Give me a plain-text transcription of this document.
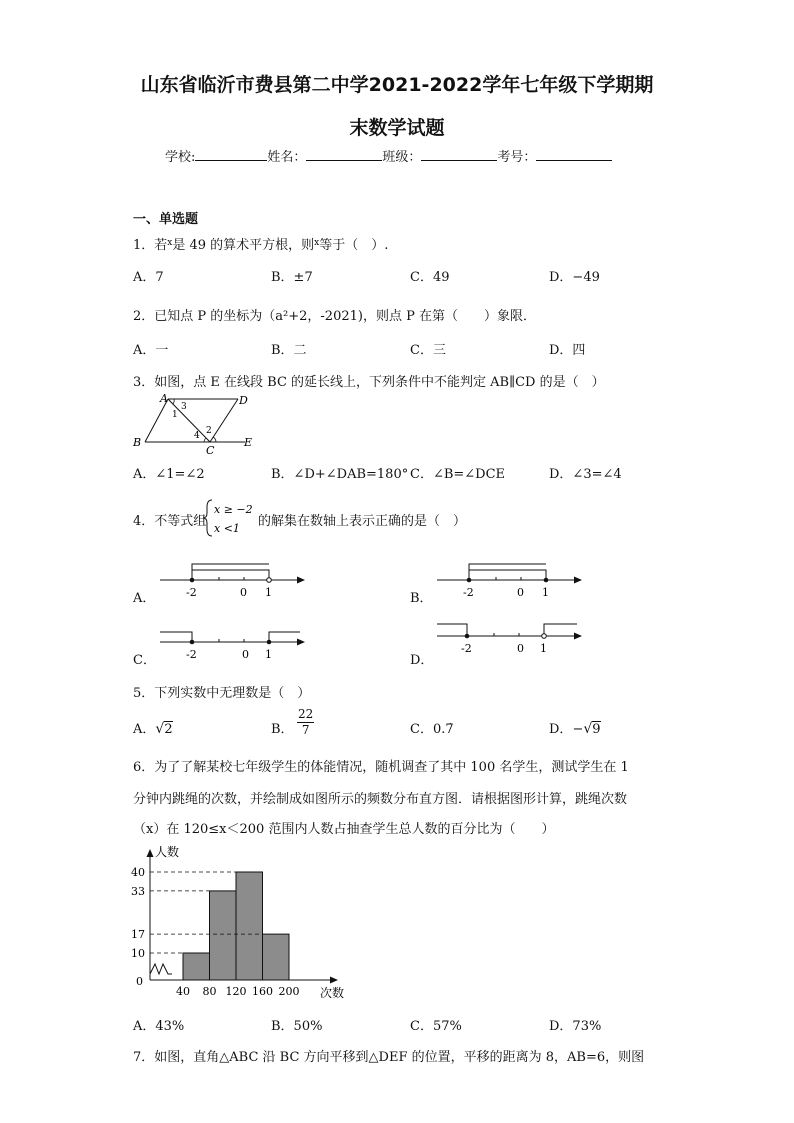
山东省临沂市费县第二中学2021-2022学年七年级下学期期
末数学试题
学校:	姓名：	班级：	考号：
一、单选题
1．若$^x$是 49 的算术平方根，则$^x$等于（　）.
A．7	B．±7	C．49	D．−49
2．已知点 P 的坐标为（a²+2，-2021)，则点 P 在第（　　）象限．
A．一	B．二	C．三	D．四
3．如图，点 E 在线段 BC 的延长线上，下列条件中不能判定 AB∥CD 的是（　）
A	D
B
C
E
1
3
2
4
A．∠1=∠2	B．∠D+∠DAB=180° C．∠B=∠DCE	D．∠3=∠4
4．不等式组
x ≥ −2
x <1 的解集在数轴上表示正确的是（　）
A．	-2	0 1	B．	-2	0 1
C．	-2	0 1	D．
-2	0 1
5．下列实数中无理数是（　）
A．√2	B． $\frac{22}{7}$	C．0.7̇	D．−√9
6．为了了解某校七年级学生的体能情况，随机调查了其中 100 名学生，测试学生在 1
分钟内跳绳的次数，并绘制成如图所示的频数分布直方图．请根据图形计算，跳绳次数
（x）在 120≤x＜200 范围内人数占抽查学生总人数的百分比为（　　）
人数
次数
0
40
33
17
10
40 80 120 160 200
A．43%	B．50%	C．57%	D．73%
7．如图，直角△ABC 沿 BC 方向平移到△DEF 的位置，平移的距离为 8，AB=6，则图
